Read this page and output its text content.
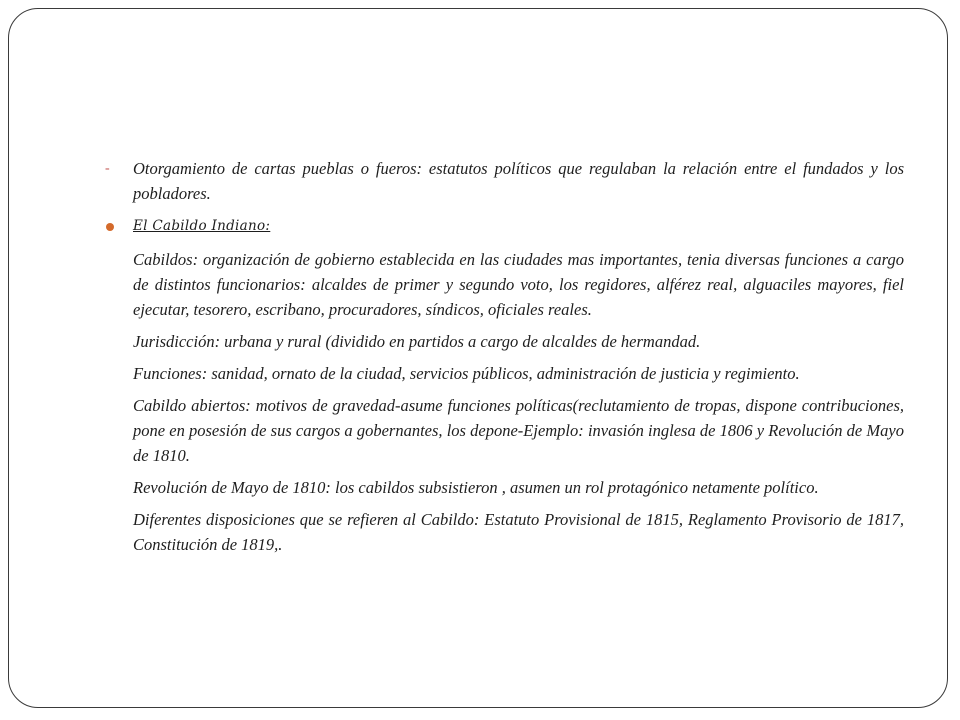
-	Otorgamiento de cartas pueblas o fueros: estatutos políticos que regulaban la relación entre el fundados y los pobladores.
El Cabildo Indiano:
Cabildos: organización de gobierno establecida en las ciudades mas importantes, tenia diversas funciones a cargo de distintos funcionarios: alcaldes de primer y segundo voto, los regidores, alférez real, alguaciles mayores, fiel ejecutar, tesorero, escribano, procuradores, síndicos, oficiales reales.
Jurisdicción: urbana y rural (dividido en partidos a cargo de alcaldes de hermandad.
Funciones: sanidad, ornato de la ciudad, servicios públicos, administración de justicia y regimiento.
Cabildo abiertos: motivos de gravedad-asume funciones políticas(reclutamiento de tropas, dispone contribuciones, pone en posesión de sus cargos a gobernantes, los depone-Ejemplo: invasión inglesa de 1806 y Revolución de Mayo de 1810.
Revolución de Mayo de 1810: los cabildos subsistieron , asumen un rol protagónico netamente político.
Diferentes disposiciones que se refieren al Cabildo: Estatuto Provisional de 1815, Reglamento Provisorio de 1817, Constitución de 1819,.
